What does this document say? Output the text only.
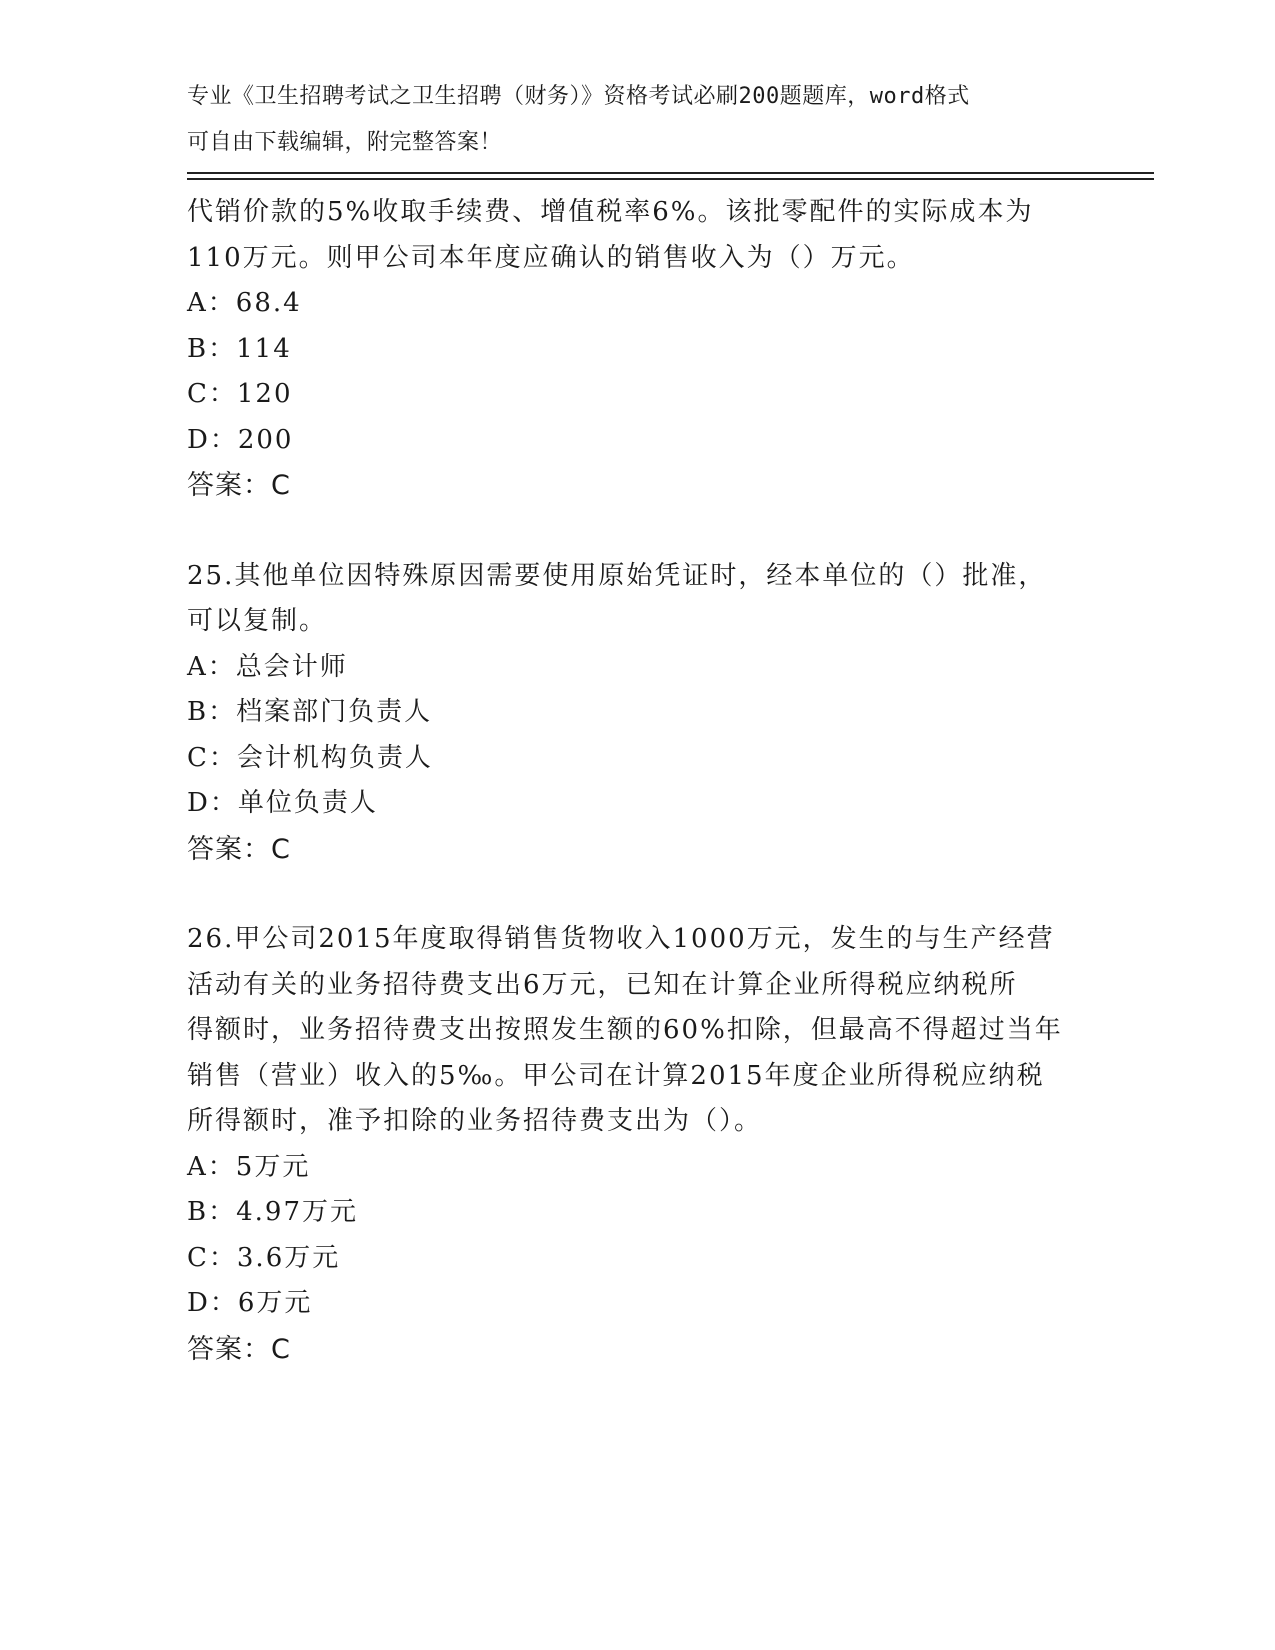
专业《卫生招聘考试之卫生招聘（财务）》资格考试必刷200题题库，word格式
可自由下载编辑，附完整答案！
代销价款的5%收取手续费、增值税率6%。该批零配件的实际成本为
110万元。则甲公司本年度应确认的销售收入为（）万元。
A：68.4
B：114
C：120
D：200
答案：C
25.其他单位因特殊原因需要使用原始凭证时，经本单位的（）批准，
可以复制。
A：总会计师
B：档案部门负责人
C：会计机构负责人
D：单位负责人
答案：C
26.甲公司2015年度取得销售货物收入1000万元，发生的与生产经营
活动有关的业务招待费支出6万元，已知在计算企业所得税应纳税所
得额时，业务招待费支出按照发生额的60%扣除，但最高不得超过当年
销售（营业）收入的5‰。甲公司在计算2015年度企业所得税应纳税
所得额时，准予扣除的业务招待费支出为（）。
A：5万元
B：4.97万元
C：3.6万元
D：6万元
答案：C
